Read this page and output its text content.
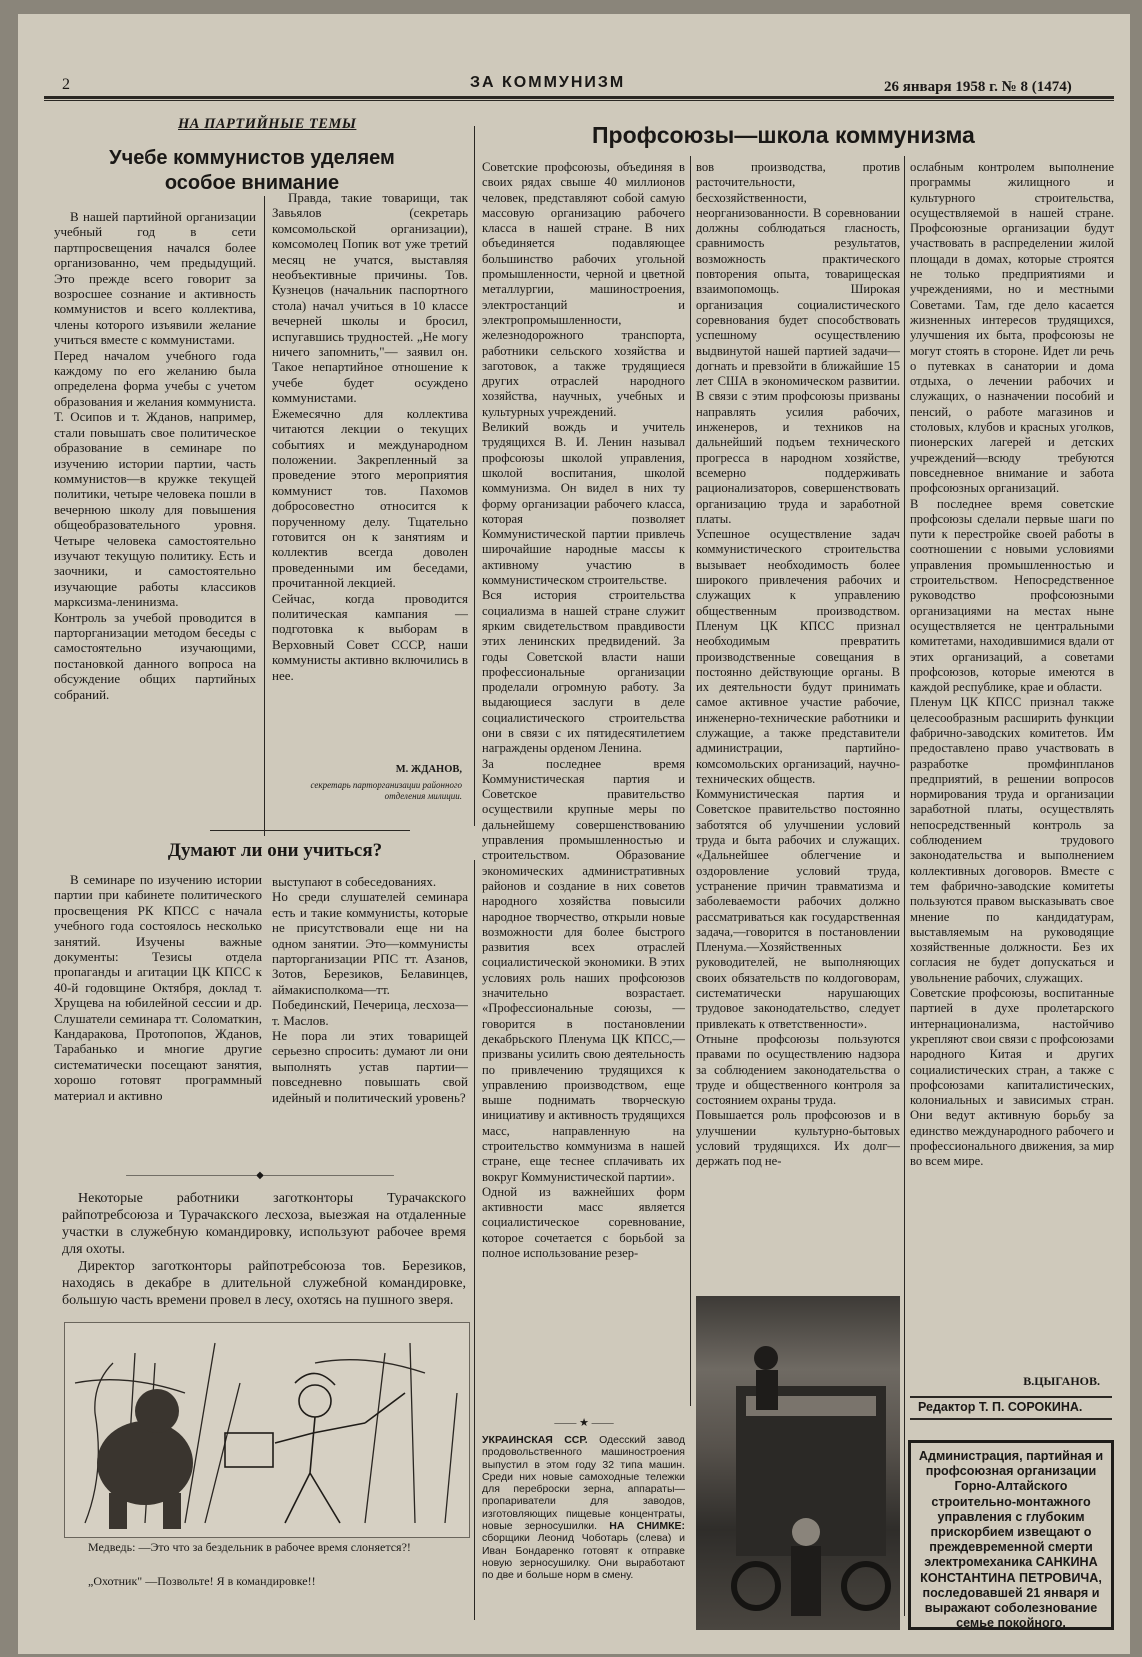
2	ЗА КОММУНИЗМ	26 января 1958 г. № 8 (1474)
НА ПАРТИЙНЫЕ ТЕМЫ
Учебе коммунистов уделяем особое внимание
В нашей партийной организации учебный год в сети партпросвещения начался более организованно, чем предыдущий. Это прежде всего говорит за возросшее сознание и активность коммунистов и всего коллектива, члены которого изъявили желание учиться вместе с коммунистами.
Перед началом учебного года каждому по его желанию была определена форма учебы с учетом образования и желания коммуниста. Т. Осипов и т. Жданов, например, стали повышать свое политическое образование в семинаре по изучению истории партии, часть коммунистов—в кружке текущей политики, четыре человека пошли в вечернюю школу для повышения общеобразовательного уровня. Четыре человека самостоятельно изучают текущую политику. Есть и заочники, и самостоятельно изучающие работы классиков марксизма-ленинизма.
Контроль за учебой проводится в парторганизации методом беседы с самостоятельно изучающими, постановкой данного вопроса на обсуждение общих партийных собраний.
Правда, такие товарищи, так Завьялов (секретарь комсомольской организации), комсомолец Попик вот уже третий месяц не учатся, выставляя необъективные причины. Тов. Кузнецов (начальник паспортного стола) начал учиться в 10 классе вечерней школы и бросил, испугавшись трудностей. „Не могу ничего запомнить,"— заявил он. Такое непартийное отношение к учебе будет осуждено коммунистами.
Ежемесячно для коллектива читаются лекции о текущих событиях и международном положении. Закрепленный за проведение этого мероприятия коммунист тов. Пахомов добросовестно относится к порученному делу. Тщательно готовится он к занятиям и коллектив всегда доволен проведенными им беседами, прочитанной лекцией.
Сейчас, когда проводится политическая кампания — подготовка к выборам в Верховный Совет СССР, наши коммунисты активно включились в нее.
М. ЖДАНОВ,
секретарь парторганизации районного отделения милиции.
Думают ли они учиться?
В семинаре по изучению истории партии при кабинете политического просвещения РК КПСС с начала учебного года состоялось несколько занятий. Изучены важные документы: Тезисы отдела пропаганды и агитации ЦК КПСС к 40-й годовщине Октября, доклад т. Хрущева на юбилейной сессии и др. Слушатели семинара тт. Соломаткин, Кандаракова, Протопопов, Жданов, Тарабанько и многие другие систематически посещают занятия, хорошо готовят программный материал и активно
выступают в собеседованиях.
Но среди слушателей семинара есть и такие коммунисты, которые не присутствовали еще ни на одном занятии. Это—коммунисты парторганизации РПС тт. Азанов, Зотов, Березиков, Белавинцев, аймакисполкома—тт. Побединский, Печерица, лесхоза—т. Маслов.
Не пора ли этих товарищей серьезно спросить: думают ли они выполнять устав партии—повседневно повышать свой идейный и политический уровень?
—————————————◆—————————————

Некоторые работники заготконторы Турачакского райпотребсоюза и Турачакского лесхоза, выезжая на отдаленные участки в служебную командировку, используют рабочее время для охоты.

Директор заготконторы райпотребсоюза тов. Березиков, находясь в декабре в длительной служебной командировке, большую часть времени провел в лесу, охотясь на пушного зверя.

Медведь: —Это что за бездельник в рабочее время слоняется?!
„Охотник" —Позвольте! Я в командировке!!
Профсоюзы—школа коммунизма
Советские профсоюзы, объединяя в своих рядах свыше 40 миллионов человек, представляют собой самую массовую организацию рабочего класса в нашей стране. В них объединяется подавляющее большинство рабочих угольной промышленности, черной и цветной металлургии, машиностроения, электростанций и электропромышленности, железнодорожного транспорта, работники сельского хозяйства и заготовок, а также трудящиеся других отраслей народного хозяйства, научных, учебных и культурных учреждений.
Великий вождь и учитель трудящихся В. И. Ленин называл профсоюзы школой управления, школой воспитания, школой коммунизма. Он видел в них ту форму организации рабочего класса, которая позволяет Коммунистической партии привлечь широчайшие народные массы к активному участию в коммунистическом строительстве.
Вся история строительства социализма в нашей стране служит ярким свидетельством правдивости этих ленинских предвидений. За годы Советской власти наши профессиональные организации проделали огромную работу. За выдающиеся заслуги в деле социалистического строительства они в связи с их пятидесятилетием награждены орденом Ленина.
За последнее время Коммунистическая партия и Советское правительство осуществили крупные меры по дальнейшему совершенствованию управления промышленностью и строительством. Образование экономических административных районов и создание в них советов народного хозяйства повысили народное творчество, открыли новые возможности для более быстрого развития всех отраслей социалистической экономики. В этих условиях роль наших профсоюзов значительно возрастает. «Профессиональные союзы, — говорится в постановлении декабрьского Пленума ЦК КПСС,— призваны усилить свою деятельность по привлечению трудящихся к управлению производством, еще выше поднимать творческую инициативу и активность трудящихся масс, направленную на строительство коммунизма в нашей стране, еще теснее сплачивать их вокруг Коммунистической партии».
Одной из важнейших форм активности масс является социалистическое соревнование, которое сочетается с борьбой за полное использование резер-
вов производства, против расточительности, бесхозяйственности, неорганизованности. В соревновании должны соблюдаться гласность, сравнимость результатов, возможность практического повторения опыта, товарищеская взаимопомощь. Широкая организация социалистического соревнования будет способствовать успешному осуществлению выдвинутой нашей партией задачи—догнать и превзойти в ближайшие 15 лет США в экономическом развитии. В связи с этим профсоюзы призваны направлять усилия рабочих, инженеров, и техников на дальнейший подъем технического прогресса в народном хозяйстве, всемерно поддерживать рационализаторов, совершенствовать организацию труда и заработной платы.
Успешное осуществление задач коммунистического строительства вызывает необходимость более широкого привлечения рабочих и служащих к управлению общественным производством. Пленум ЦК КПСС признал необходимым превратить производственные совещания в постоянно действующие органы. В их деятельности будут принимать самое активное участие рабочие, инженерно-технические работники и служащие, а также представители администрации, партийно-комсомольских организаций, научно-технических обществ.
Коммунистическая партия и Советское правительство постоянно заботятся об улучшении условий труда и быта рабочих и служащих. «Дальнейшее облегчение и оздоровление условий труда, устранение причин травматизма и заболеваемости рабочих должно рассматриваться как государственная задача,—говорится в постановлении Пленума.—Хозяйственных руководителей, не выполняющих своих обязательств по колдоговорам, систематически нарушающих трудовое законодательство, следует привлекать к ответственности».
Отныне профсоюзы пользуются правами по осуществлению надзора за соблюдением законодательства о труде и общественного контроля за состоянием охраны труда.
Повышается роль профсоюзов и в улучшении культурно-бытовых условий трудящихся. Их долг— держать под не-
ослабным контролем выполнение программы жилищного и культурного строительства, осуществляемой в нашей стране. Профсоюзные организации будут участвовать в распределении жилой площади в домах, которые строятся не только предприятиями и учреждениями, но и местными Советами. Там, где дело касается жизненных интересов трудящихся, улучшения их быта, профсоюзы не могут стоять в стороне. Идет ли речь о путевках в санатории и дома отдыха, о лечении рабочих и служащих, о назначении пособий и пенсий, о работе магазинов и столовых, клубов и красных уголков, пионерских лагерей и детских учреждений—всюду требуются повседневное внимание и забота профсоюзных организаций.
В последнее время советские профсоюзы сделали первые шаги по пути к перестройке своей работы в соотношении с новыми условиями управления промышленностью и строительством. Непосредственное руководство профсоюзными организациями на местах ныне осуществляется не центральными комитетами, находившимися вдали от этих организаций, а советами профсоюзов, которые имеются в каждой республике, крае и области.
Пленум ЦК КПСС признал также целесообразным расширить функции фабрично-заводских комитетов. Им предоставлено право участвовать в разработке промфинпланов предприятий, в решении вопросов нормирования труда и организации заработной платы, осуществлять непосредственный контроль за соблюдением трудового законодательства и выполнением коллективных договоров. Вместе с тем фабрично-заводские комитеты пользуются правом высказывать свое мнение по кандидатурам, выставляемым на руководящие хозяйственные должности. Без их согласия не будет допускаться и увольнение рабочих, служащих.
Советские профсоюзы, воспитанные партией в духе пролетарского интернационализма, настойчиво укрепляют свои связи с профсоюзами народного Китая и других социалистических стран, а также с профсоюзами капиталистических, колониальных и зависимых стран. Они ведут активную борьбу за единство международного рабочего и профессионального движения, за мир во всем мире.
В.ЦЫГАНОВ.
—— ★ ——
УКРАИНСКАЯ ССР. Одесский завод продовольственного машиностроения выпустил в этом году 32 типа машин. Среди них новые самоходные тележки для переброски зерна, аппараты—пропариватели для заводов, изготовляющих пищевые концентраты, новые зерносушилки. НА СНИМКЕ: сборщики Леонид Чоботарь (слева) и Иван Бондаренко готовят к отправке новую зерносушилку. Они выработают по две и больше норм в смену.
Редактор Т. П. СОРОКИНА.
Администрация, партийная и профсоюзная организации Горно-Алтайского строительно-монтажного управления с глубоким прискорбием извещают о преждевременной смерти электромеханика САНКИНА КОНСТАНТИНА ПЕТРОВИЧА, последовавшей 21 января и выражают соболезнование семье покойного.
